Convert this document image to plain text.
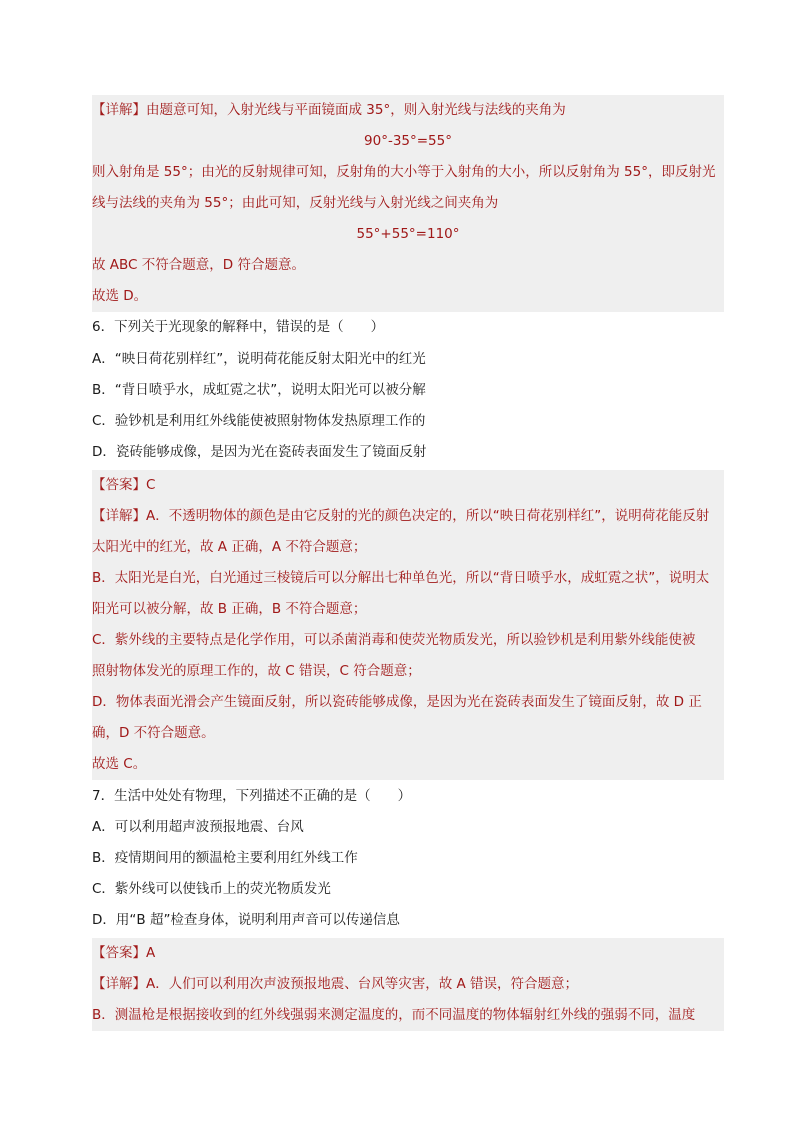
【详解】由题意可知，入射光线与平面镜面成 35°，则入射光线与法线的夹角为
90°-35°=55°
则入射角是 55°；由光的反射规律可知，反射角的大小等于入射角的大小，所以反射角为 55°，即反射光
线与法线的夹角为 55°；由此可知，反射光线与入射光线之间夹角为
55°+55°=110°
故 ABC 不符合题意，D 符合题意。
故选 D。
6．下列关于光现象的解释中，错误的是（　　）
A．“映日荷花别样红”，说明荷花能反射太阳光中的红光
B．“背日喷乎水，成虹霓之状”，说明太阳光可以被分解
C．验钞机是利用红外线能使被照射物体发热原理工作的
D．瓷砖能够成像，是因为光在瓷砖表面发生了镜面反射
【答案】C
【详解】A．不透明物体的颜色是由它反射的光的颜色决定的，所以“映日荷花别样红”，说明荷花能反射
太阳光中的红光，故 A 正确，A 不符合题意；
B．太阳光是白光，白光通过三棱镜后可以分解出七种单色光，所以“背日喷乎水，成虹霓之状”，说明太
阳光可以被分解，故 B 正确，B 不符合题意；
C．紫外线的主要特点是化学作用，可以杀菌消毒和使荧光物质发光，所以验钞机是利用紫外线能使被
照射物体发光的原理工作的，故 C 错误，C 符合题意；
D．物体表面光滑会产生镜面反射，所以瓷砖能够成像，是因为光在瓷砖表面发生了镜面反射，故 D 正
确，D 不符合题意。
故选 C。
7．生活中处处有物理，下列描述不正确的是（　　）
A．可以利用超声波预报地震、台风
B．疫情期间用的额温枪主要利用红外线工作
C．紫外线可以使钱币上的荧光物质发光
D．用“B 超”检查身体，说明利用声音可以传递信息
【答案】A
【详解】A．人们可以利用次声波预报地震、台风等灾害，故 A 错误，符合题意；
B．测温枪是根据接收到的红外线强弱来测定温度的，而不同温度的物体辐射红外线的强弱不同，温度
